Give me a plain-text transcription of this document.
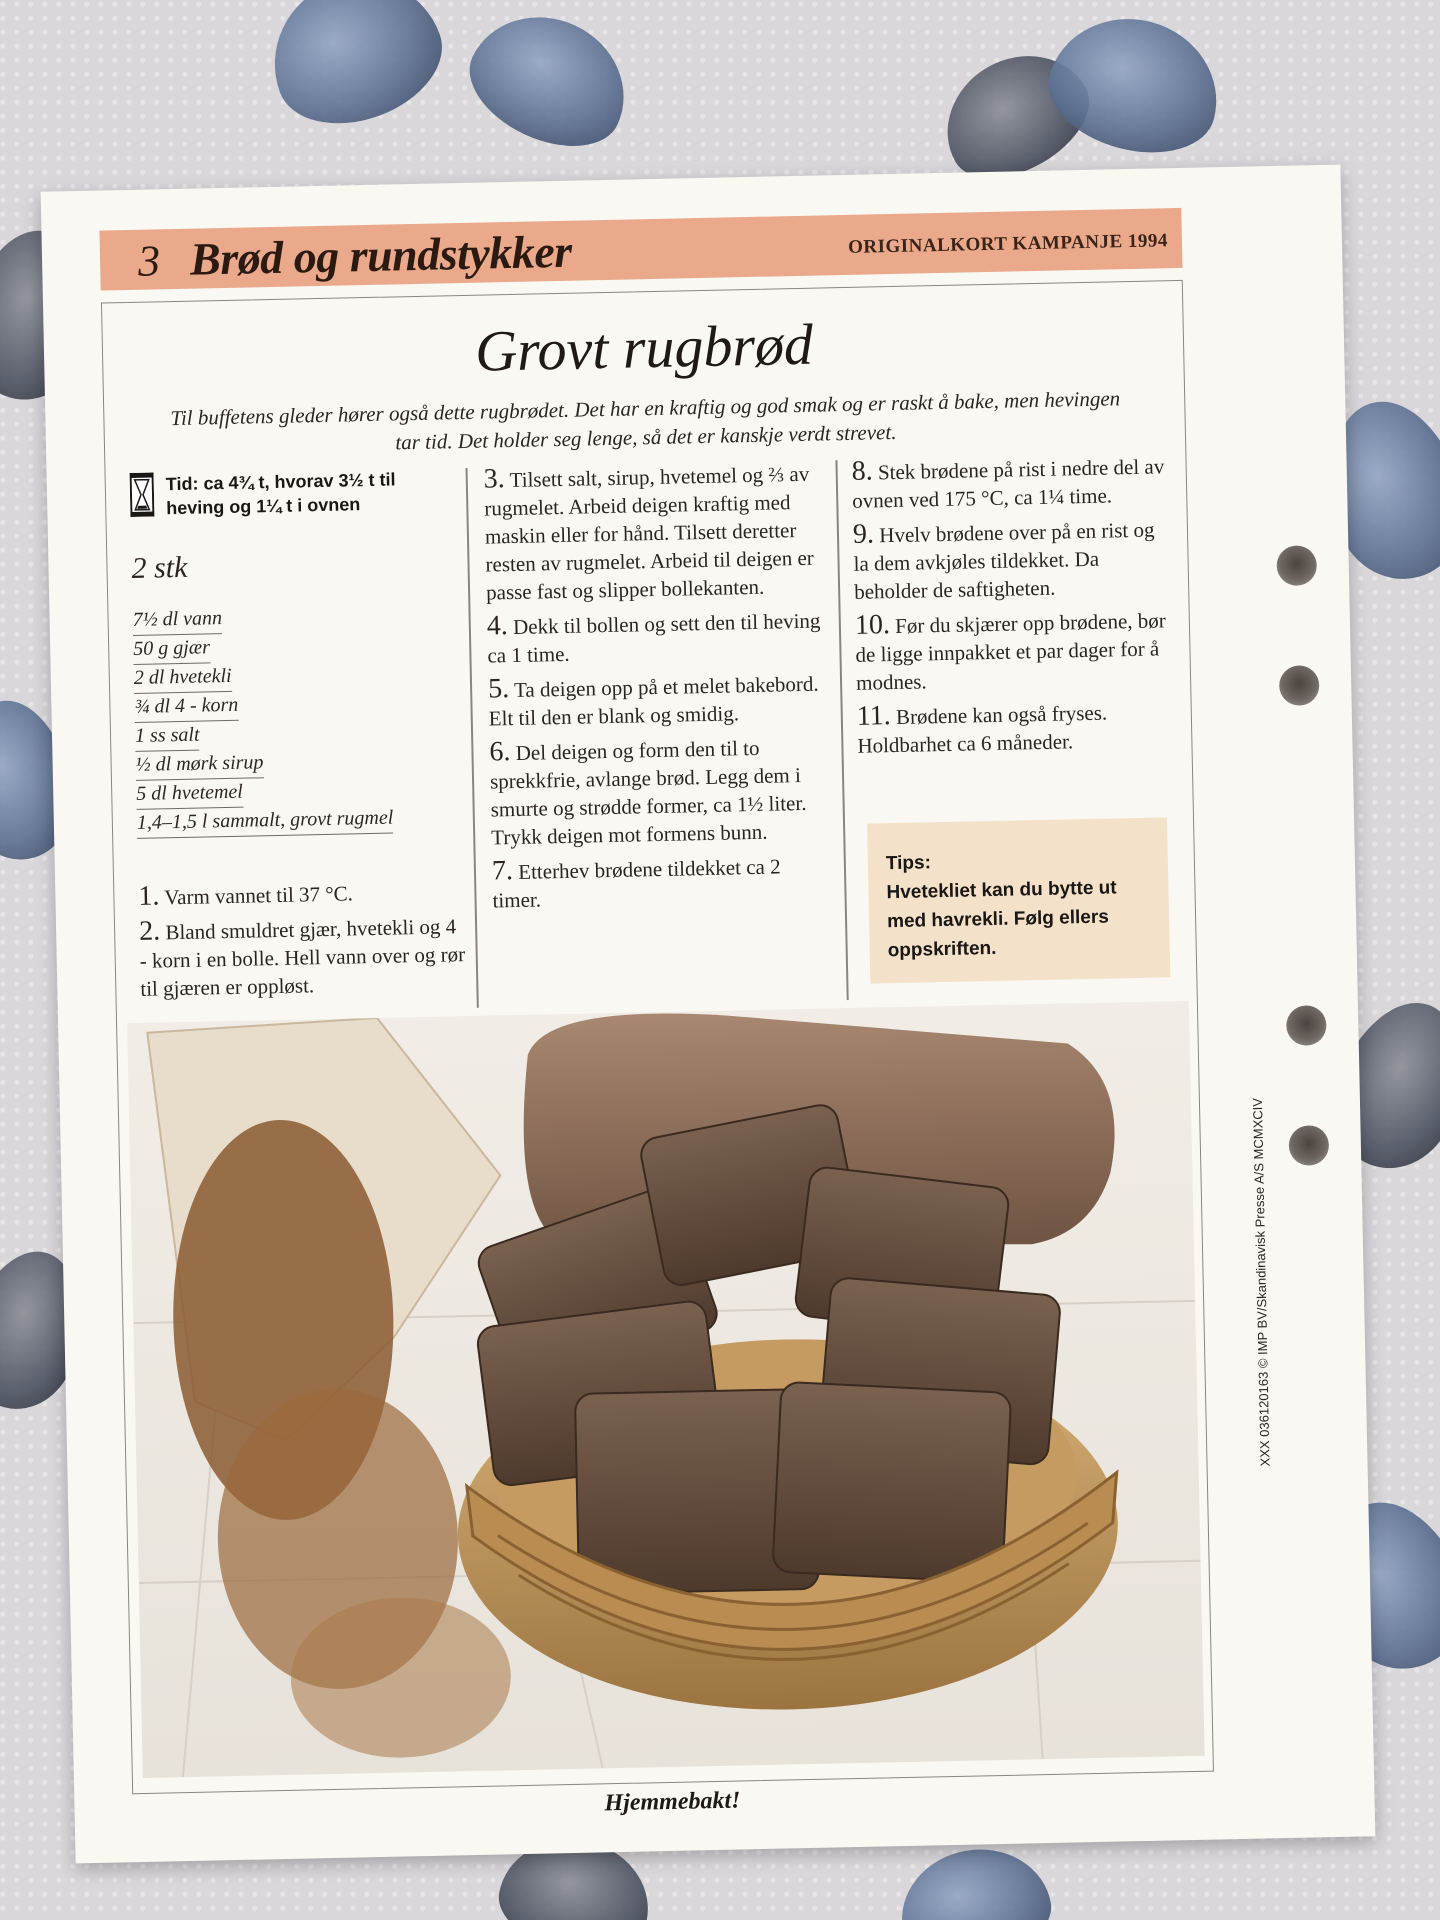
3 Brød og rundstykker	ORIGINALKORT KAMPANJE 1994
Grovt rugbrød
Til buffetens gleder hører også dette rugbrødet. Det har en kraftig og god smak og er raskt å bake, men hevingen tar tid. Det holder seg lenge, så det er kanskje verdt strevet.
Tid: ca 4¾ t, hvorav 3½ t til
heving og 1¼ t i ovnen
2 stk
7½ dl vann
50 g gjær
2 dl hvetekli
¾ dl 4 - korn
1 ss salt
½ dl mørk sirup
5 dl hvetemel
1,4–1,5 l sammalt, grovt rugmel
1. Varm vannet til 37 °C.
2. Bland smuldret gjær, hvetekli og 4 - korn i en bolle. Hell vann over og rør til gjæren er oppløst.
3. Tilsett salt, sirup, hvetemel og ⅔ av rugmelet. Arbeid deigen kraftig med maskin eller for hånd. Tilsett deretter resten av rugmelet. Arbeid til deigen er passe fast og slipper bollekanten.
4. Dekk til bollen og sett den til heving ca 1 time.
5. Ta deigen opp på et melet bakebord. Elt til den er blank og smidig.
6. Del deigen og form den til to sprekkfrie, avlange brød. Legg dem i smurte og strødde former, ca 1½ liter. Trykk deigen mot formens bunn.
7. Etterhev brødene tildekket ca 2 timer.
8. Stek brødene på rist i nedre del av ovnen ved 175 °C, ca 1¼ time.
9. Hvelv brødene over på en rist og la dem avkjøles tildekket. Da beholder de saftigheten.
10. Før du skjærer opp brødene, bør de ligge innpakket et par dager for å modnes.
11. Brødene kan også fryses. Holdbarhet ca 6 måneder.
Tips:
Hvetekliet kan du bytte ut med havrekli. Følg ellers oppskriften.
Hjemmebakt!
XXX 036120163 © IMP BV/Skandinavisk Presse A/S MCMXCIV
